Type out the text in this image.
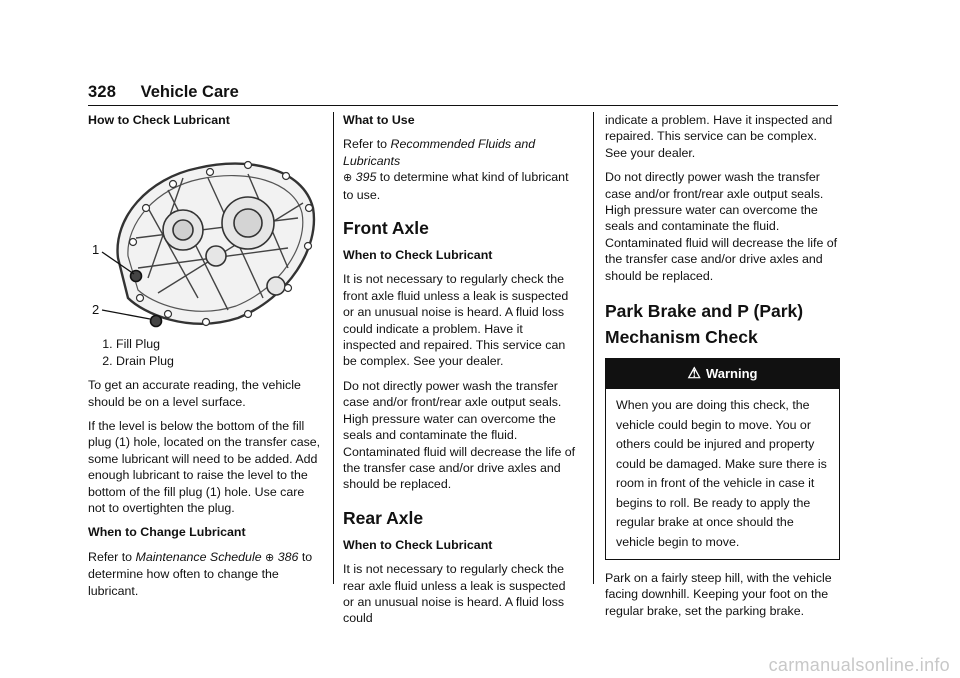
328 Vehicle Care

How to Check Lubricant

1
2
1. Fill Plug
2. Drain Plug

To get an accurate reading, the vehicle should be on a level surface.

If the level is below the bottom of the fill plug (1) hole, located on the transfer case, some lubricant will need to be added. Add enough lubricant to raise the level to the bottom of the fill plug (1) hole. Use care not to overtighten the plug.

When to Change Lubricant

Refer to Maintenance Schedule ⊕ 386 to determine how often to change the lubricant.

What to Use

Refer to Recommended Fluids and Lubricants
⊕ 395 to determine what kind of lubricant to use.

Front Axle

When to Check Lubricant

It is not necessary to regularly check the front axle fluid unless a leak is suspected or an unusual noise is heard. A fluid loss could indicate a problem. Have it inspected and repaired. This service can be complex. See your dealer.

Do not directly power wash the transfer case and/or front/rear axle output seals. High pressure water can overcome the seals and contaminate the fluid. Contaminated fluid will decrease the life of the transfer case and/or drive axles and should be replaced.

Rear Axle

When to Check Lubricant

It is not necessary to regularly check the rear axle fluid unless a leak is suspected or an unusual noise is heard. A fluid loss could

indicate a problem. Have it inspected and repaired. This service can be complex. See your dealer.

Do not directly power wash the transfer case and/or front/rear axle output seals. High pressure water can overcome the seals and contaminate the fluid. Contaminated fluid will decrease the life of the transfer case and/or drive axles and should be replaced.

Park Brake and P (Park)
Mechanism Check
⚠ Warning
When you are doing this check, the vehicle could begin to move. You or others could be injured and property could be damaged. Make sure there is room in front of the vehicle in case it begins to roll. Be ready to apply the regular brake at once should the vehicle begin to move.

Park on a fairly steep hill, with the vehicle facing downhill. Keeping your foot on the regular brake, set the parking brake.

carmanualsonline.info
